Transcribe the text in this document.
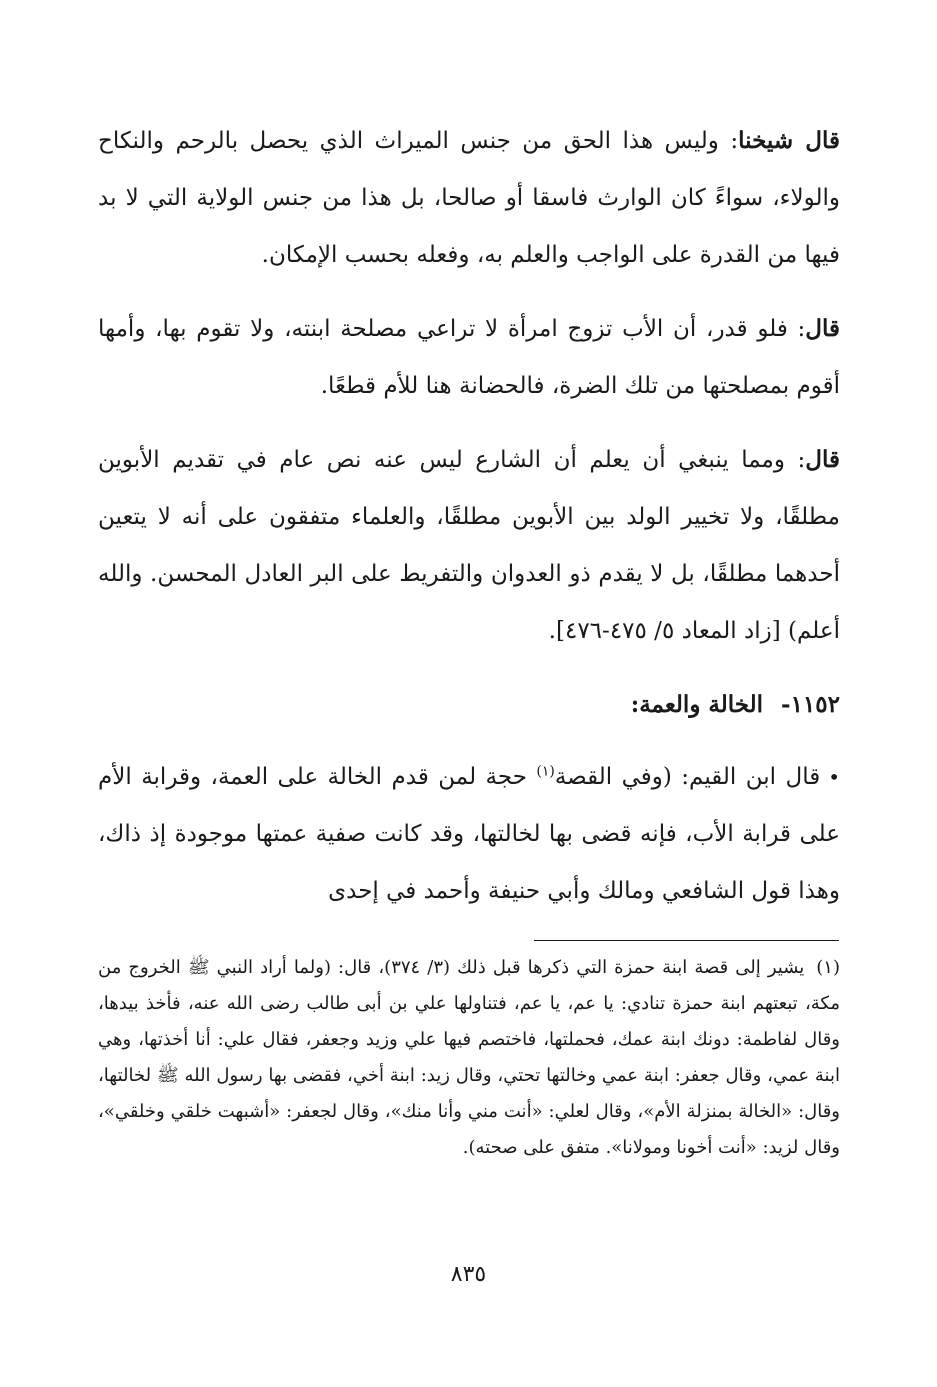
قال شيخنا: وليس هذا الحق من جنس الميراث الذي يحصل بالرحم والنكاح والولاء، سواءً كان الوارث فاسقا أو صالحا، بل هذا من جنس الولاية التي لا بد فيها من القدرة على الواجب والعلم به، وفعله بحسب الإمكان.

قال: فلو قدر، أن الأب تزوج امرأة لا تراعي مصلحة ابنته، ولا تقوم بها، وأمها أقوم بمصلحتها من تلك الضرة، فالحضانة هنا للأم قطعًا.

قال: ومما ينبغي أن يعلم أن الشارع ليس عنه نص عام في تقديم الأبوين مطلقًا، ولا تخيير الولد بين الأبوين مطلقًا، والعلماء متفقون على أنه لا يتعين أحدهما مطلقًا، بل لا يقدم ذو العدوان والتفريط على البر العادل المحسن. والله أعلم) [زاد المعاد ٥/ ٤٧٥-٤٧٦].

١١٥٢-الخالة والعمة:

•قال ابن القيم: (وفي القصة$^{(١)}$ حجة لمن قدم الخالة على العمة، وقرابة الأم على قرابة الأب، فإنه قضى بها لخالتها، وقد كانت صفية عمتها موجودة إذ ذاك، وهذا قول الشافعي ومالك وأبي حنيفة وأحمد في إحدى

(١)يشير إلى قصة ابنة حمزة التي ذكرها قبل ذلك (٣/ ٣٧٤)، قال: (ولما أراد النبي ﷺ الخروج من مكة، تبعتهم ابنة حمزة تنادي: يا عم، يا عم، فتناولها علي بن أبى طالب رضى الله عنه، فأخذ بيدها، وقال لفاطمة: دونك ابنة عمك، فحملتها، فاختصم فيها علي وزيد وجعفر، فقال علي: أنا أخذتها، وهي ابنة عمي، وقال جعفر: ابنة عمي وخالتها تحتي، وقال زيد: ابنة أخي، فقضى بها رسول الله ﷺ لخالتها، وقال: «الخالة بمنزلة الأم»، وقال لعلي: «أنت مني وأنا منك»، وقال لجعفر: «أشبهت خلقي وخلقي»، وقال لزيد: «أنت أخونا ومولانا». متفق على صحته).
٨٣٥
